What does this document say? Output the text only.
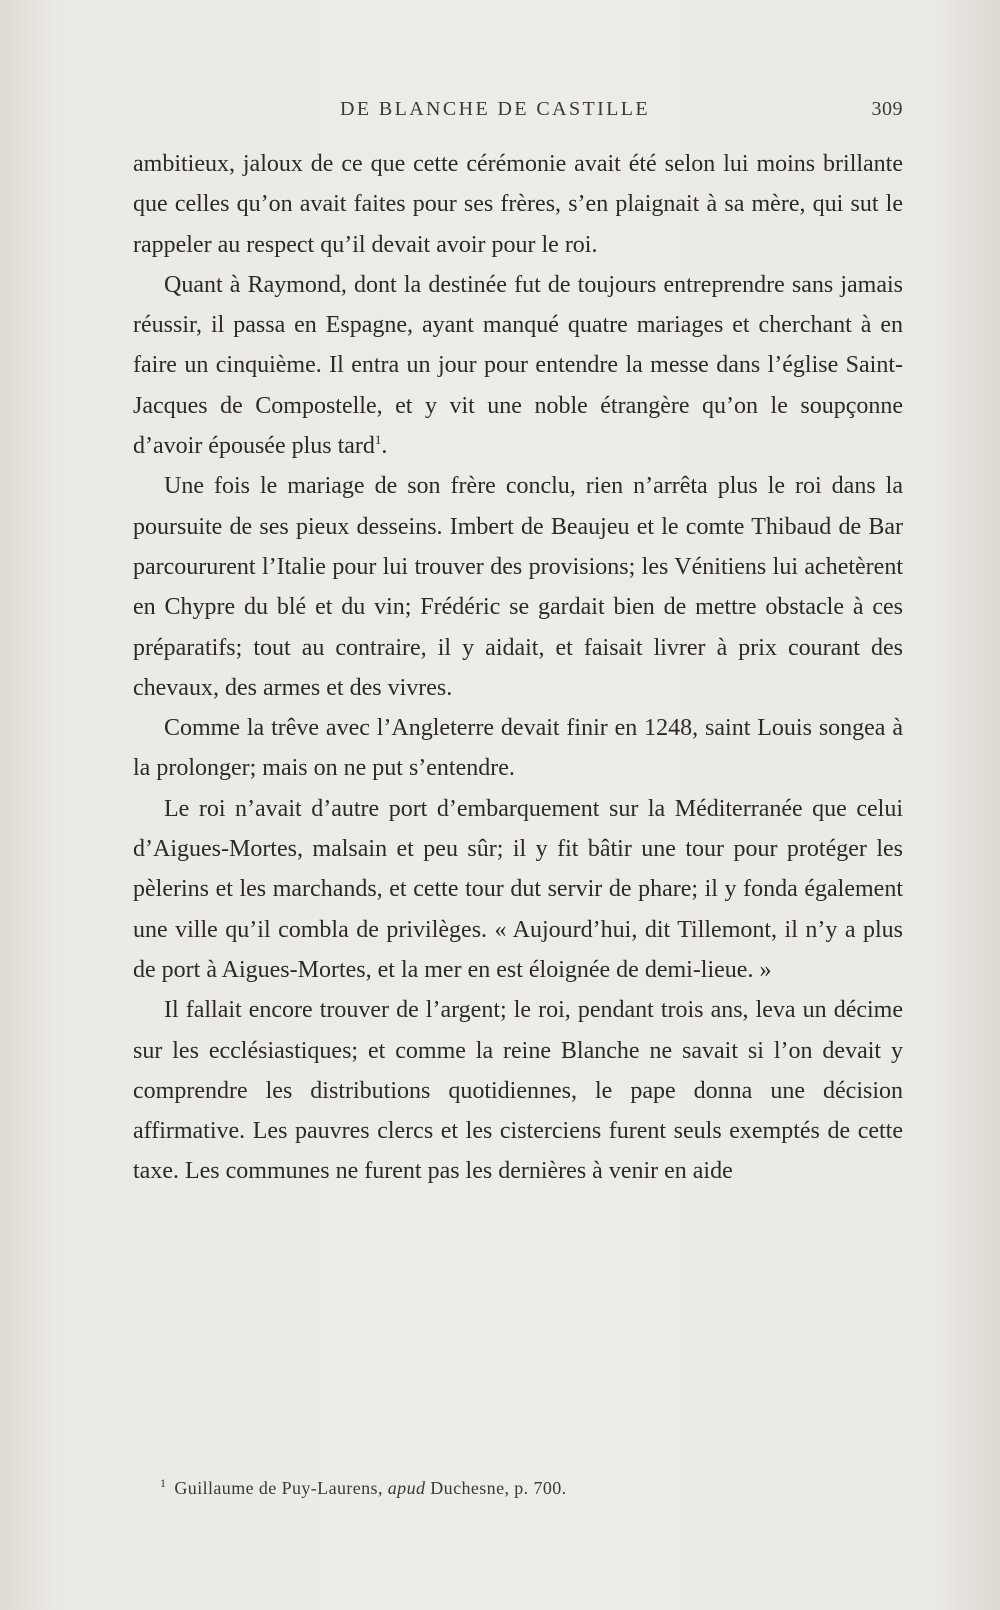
DE BLANCHE DE CASTILLE	309

ambitieux, jaloux de ce que cette cérémonie avait été selon lui moins brillante que celles qu’on avait faites pour ses frères, s’en plaignait à sa mère, qui sut le rappeler au respect qu’il devait avoir pour le roi.

Quant à Raymond, dont la destinée fut de toujours entreprendre sans jamais réussir, il passa en Espagne, ayant manqué quatre mariages et cherchant à en faire un cinquième. Il entra un jour pour entendre la messe dans l’église Saint-Jacques de Compostelle, et y vit une noble étrangère qu’on le soupçonne d’avoir épousée plus tard$^1$.

Une fois le mariage de son frère conclu, rien n’arrêta plus le roi dans la poursuite de ses pieux desseins. Imbert de Beaujeu et le comte Thibaud de Bar parcoururent l’Italie pour lui trouver des provisions; les Vénitiens lui achetèrent en Chypre du blé et du vin; Frédéric se gardait bien de mettre obstacle à ces préparatifs; tout au contraire, il y aidait, et faisait livrer à prix courant des chevaux, des armes et des vivres.

Comme la trêve avec l’Angleterre devait finir en 1248, saint Louis songea à la prolonger; mais on ne put s’entendre.

Le roi n’avait d’autre port d’embarquement sur la Méditerranée que celui d’Aigues-Mortes, malsain et peu sûr; il y fit bâtir une tour pour protéger les pèlerins et les marchands, et cette tour dut servir de phare; il y fonda également une ville qu’il combla de privilèges. « Aujourd’hui, dit Tillemont, il n’y a plus de port à Aigues-Mortes, et la mer en est éloignée de demi-lieue. »

Il fallait encore trouver de l’argent; le roi, pendant trois ans, leva un décime sur les ecclésiastiques; et comme la reine Blanche ne savait si l’on devait y comprendre les distributions quotidiennes, le pape donna une décision affirmative. Les pauvres clercs et les cisterciens furent seuls exemptés de cette taxe. Les communes ne furent pas les dernières à venir en aide

$^1$ Guillaume de Puy-Laurens, apud Duchesne, p. 700.
